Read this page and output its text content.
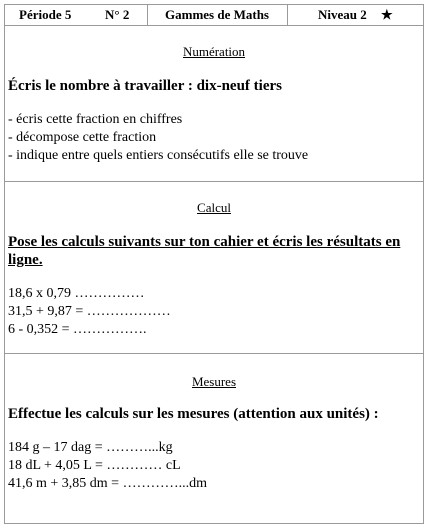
Période 5	N° 2	Gammes de Maths	Niveau 2 ★
Numération
Écris le nombre à travailler : dix-neuf tiers
- écris cette fraction en chiffres
- décompose cette fraction
- indique entre quels entiers consécutifs elle se trouve
Calcul
Pose les calculs suivants sur ton cahier et écris les résultats en
ligne.
18,6 x 0,79 ……………
31,5 + 9,87 = ………………
6 - 0,352 = …………….
Mesures
Effectue les calculs sur les mesures (attention aux unités) :
184 g – 17 dag = ………...kg
18 dL + 4,05 L = ………… cL
41,6 m + 3,85 dm = …………...dm
